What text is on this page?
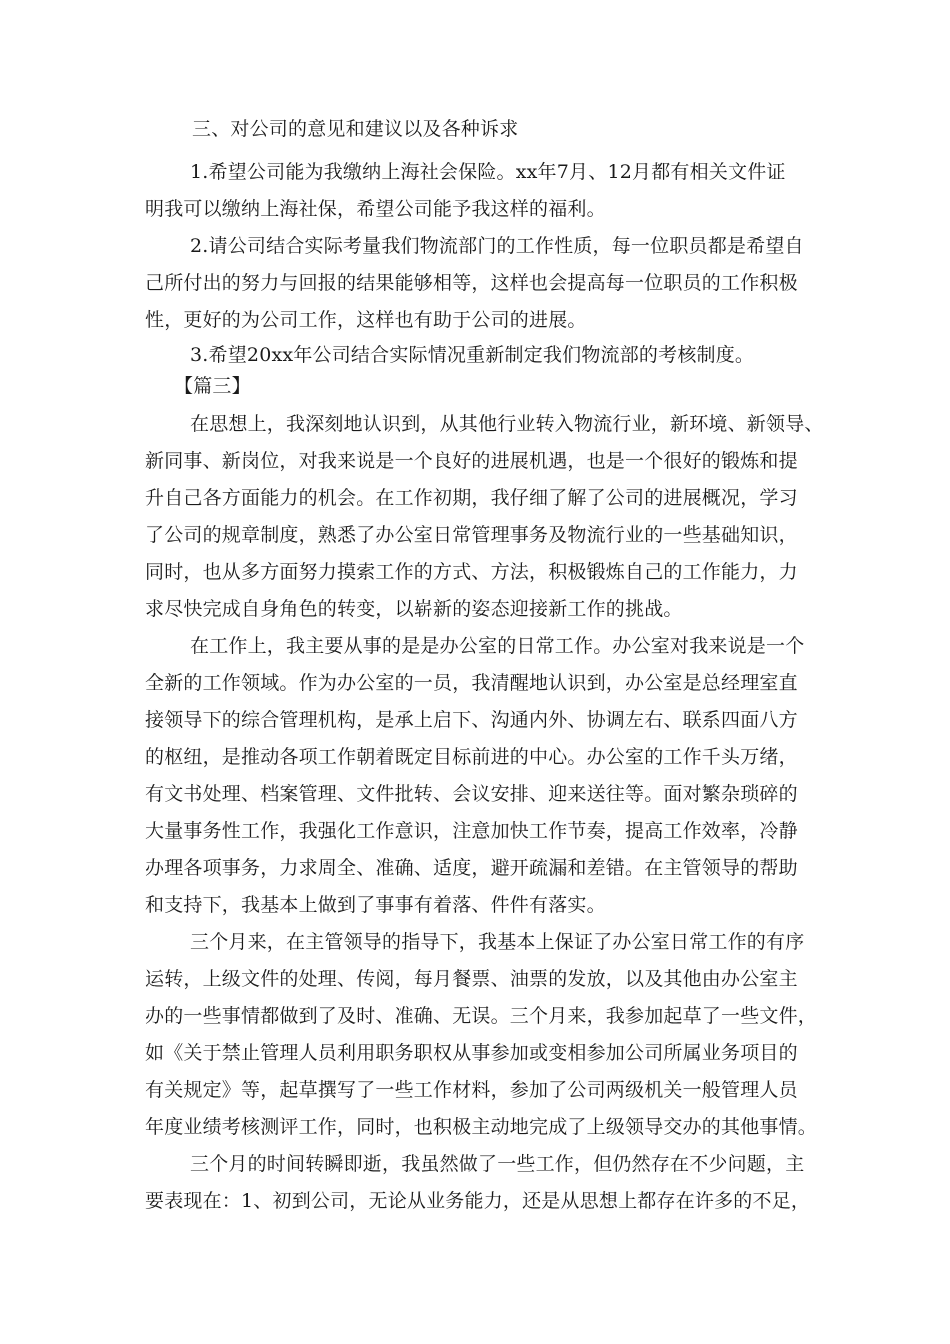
三、对公司的意见和建议以及各种诉求
1.希望公司能为我缴纳上海社会保险。xx年7月、12月都有相关文件证
明我可以缴纳上海社保，希望公司能予我这样的福利。
2.请公司结合实际考量我们物流部门的工作性质，每一位职员都是希望自
己所付出的努力与回报的结果能够相等，这样也会提高每一位职员的工作积极
性，更好的为公司工作，这样也有助于公司的进展。
3.希望20xx年公司结合实际情况重新制定我们物流部的考核制度。
【篇三】
在思想上，我深刻地认识到，从其他行业转入物流行业，新环境、新领导、
新同事、新岗位，对我来说是一个良好的进展机遇，也是一个很好的锻炼和提
升自己各方面能力的机会。在工作初期，我仔细了解了公司的进展概况，学习
了公司的规章制度，熟悉了办公室日常管理事务及物流行业的一些基础知识，
同时，也从多方面努力摸索工作的方式、方法，积极锻炼自己的工作能力，力
求尽快完成自身角色的转变，以崭新的姿态迎接新工作的挑战。
在工作上，我主要从事的是是办公室的日常工作。办公室对我来说是一个
全新的工作领域。作为办公室的一员，我清醒地认识到，办公室是总经理室直
接领导下的综合管理机构，是承上启下、沟通内外、协调左右、联系四面八方
的枢纽，是推动各项工作朝着既定目标前进的中心。办公室的工作千头万绪，
有文书处理、档案管理、文件批转、会议安排、迎来送往等。面对繁杂琐碎的
大量事务性工作，我强化工作意识，注意加快工作节奏，提高工作效率，冷静
办理各项事务，力求周全、准确、适度，避开疏漏和差错。在主管领导的帮助
和支持下，我基本上做到了事事有着落、件件有落实。
三个月来，在主管领导的指导下，我基本上保证了办公室日常工作的有序
运转，上级文件的处理、传阅，每月餐票、油票的发放，以及其他由办公室主
办的一些事情都做到了及时、准确、无误。三个月来，我参加起草了一些文件，
如《关于禁止管理人员利用职务职权从事参加或变相参加公司所属业务项目的
有关规定》等，起草撰写了一些工作材料，参加了公司两级机关一般管理人员
年度业绩考核测评工作，同时，也积极主动地完成了上级领导交办的其他事情。
三个月的时间转瞬即逝，我虽然做了一些工作，但仍然存在不少问题，主
要表现在：1、初到公司，无论从业务能力，还是从思想上都存在许多的不足，
